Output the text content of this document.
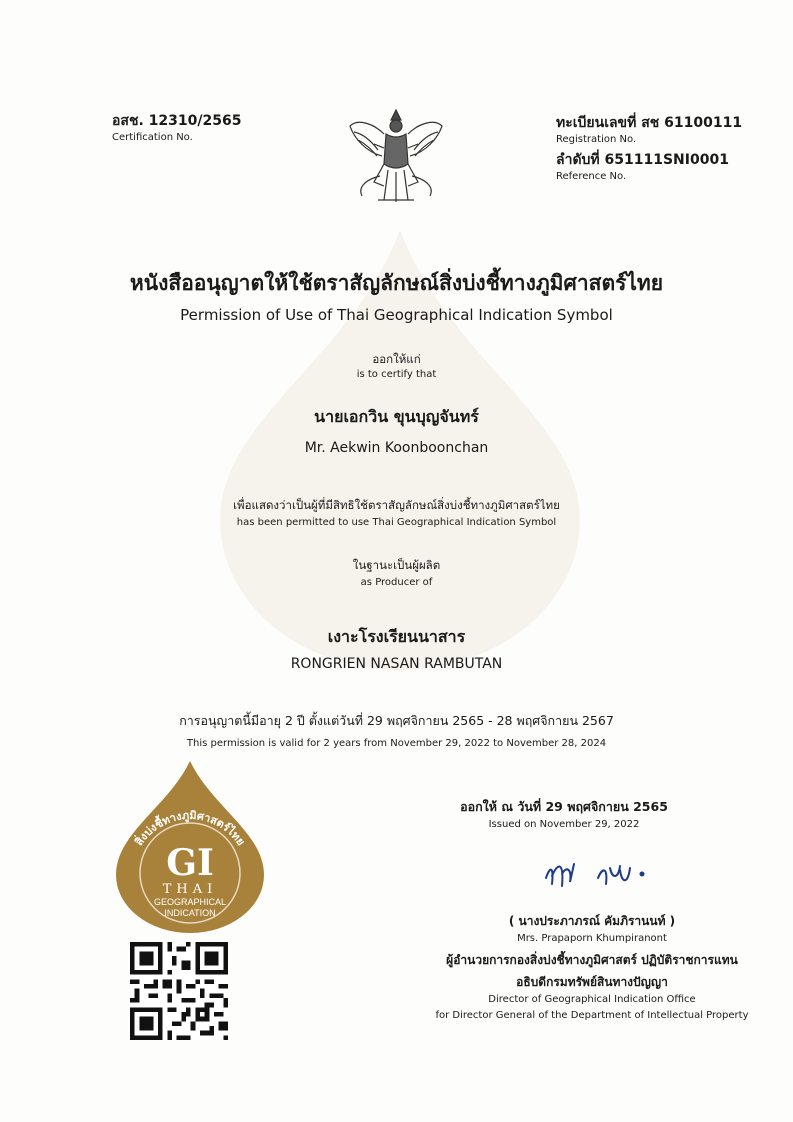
อสช. 12310/2565
Certification No.
ทะเบียนเลขที่ สช 61100111
Registration No.
ลำดับที่ 651111SNI0001
Reference No.
หนังสืออนุญาตให้ใช้ตราสัญลักษณ์สิ่งบ่งชี้ทางภูมิศาสตร์ไทย
Permission of Use of Thai Geographical Indication Symbol
ออกให้แก่
is to certify that
นายเอกวิน ขุนบุญจันทร์
Mr. Aekwin Koonboonchan
เพื่อแสดงว่าเป็นผู้ที่มีสิทธิใช้ตราสัญลักษณ์สิ่งบ่งชี้ทางภูมิศาสตร์ไทย
has been permitted to use Thai Geographical Indication Symbol
ในฐานะเป็นผู้ผลิต
as Producer of
เงาะโรงเรียนนาสาร
RONGRIEN NASAN RAMBUTAN
การอนุญาตนี้มีอายุ 2 ปี ตั้งแต่วันที่ 29 พฤศจิกายน 2565 - 28 พฤศจิกายน 2567
This permission is valid for 2 years from November 29, 2022 to November 28, 2024
ออกให้ ณ วันที่ 29 พฤศจิกายน 2565
Issued on November 29, 2022
( นางประภาภรณ์ คัมภิรานนท์ )
Mrs. Prapaporn Khumpiranont
ผู้อำนวยการกองสิ่งบ่งชี้ทางภูมิศาสตร์ ปฏิบัติราชการแทน
อธิบดีกรมทรัพย์สินทางปัญญา
Director of Geographical Indication Office
for Director General of the Department of Intellectual Property
สิ่งบ่งชี้ทางภูมิศาสตร์ไทย
GI
THAI
GEOGRAPHICAL
INDICATION
